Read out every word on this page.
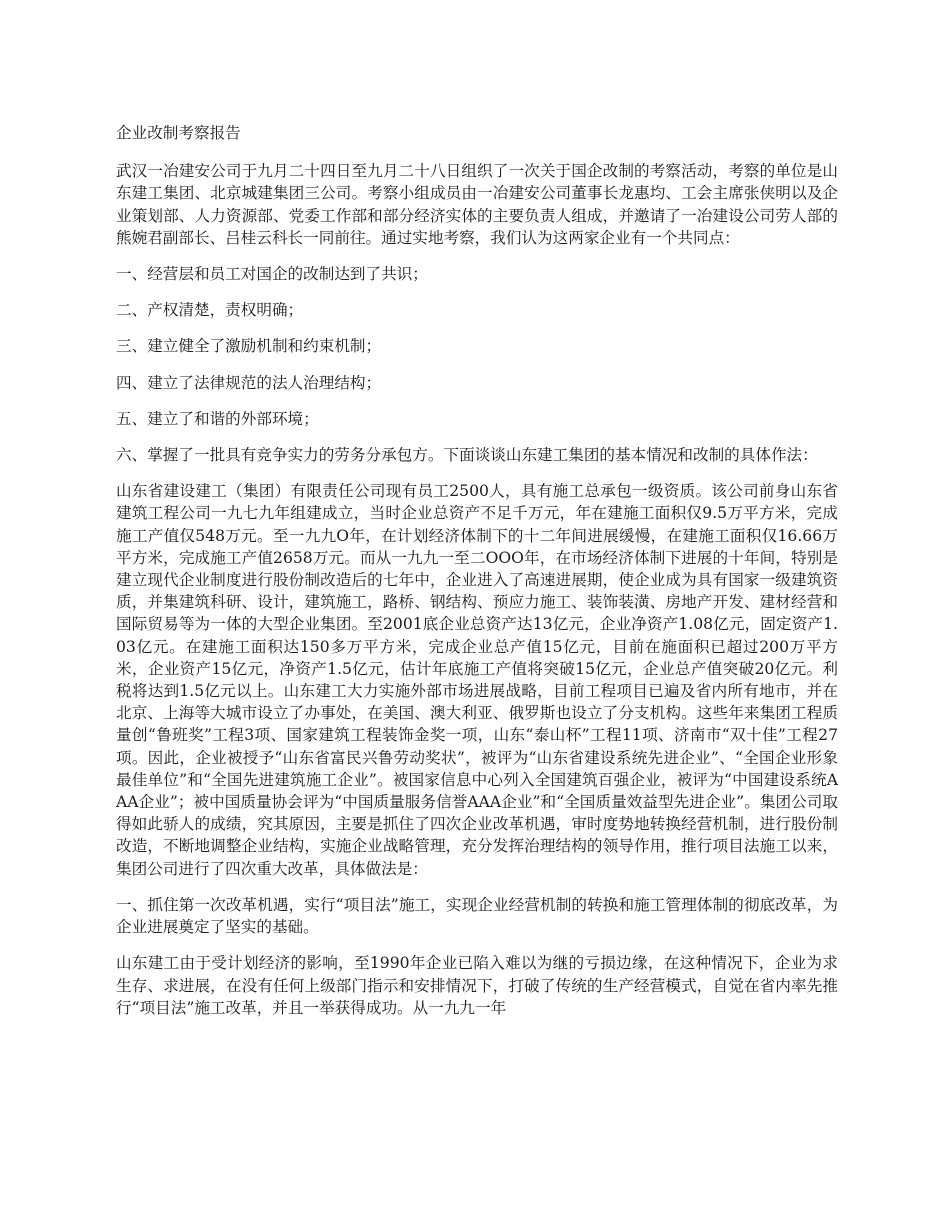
企业改制考察报告

武汉一冶建安公司于九月二十四日至九月二十八日组织了一次关于国企改制的考察活动，考察的单位是山东建工集团、北京城建集团三公司。考察小组成员由一冶建安公司董事长龙惠均、工会主席张侠明以及企业策划部、人力资源部、党委工作部和部分经济实体的主要负责人组成，并邀请了一冶建设公司劳人部的熊婉君副部长、吕桂云科长一同前往。通过实地考察，我们认为这两家企业有一个共同点：

一、经营层和员工对国企的改制达到了共识；

二、产权清楚，责权明确；

三、建立健全了激励机制和约束机制；

四、建立了法律规范的法人治理结构；

五、建立了和谐的外部环境；

六、掌握了一批具有竞争实力的劳务分承包方。下面谈谈山东建工集团的基本情况和改制的具体作法：

山东省建设建工（集团）有限责任公司现有员工2500人，具有施工总承包一级资质。该公司前身山东省建筑工程公司一九七九年组建成立，当时企业总资产不足千万元，年在建施工面积仅9.5万平方米，完成施工产值仅548万元。至一九九O年，在计划经济体制下的十二年间进展缓慢，在建施工面积仅16.66万平方米，完成施工产值2658万元。而从一九九一至二OOO年，在市场经济体制下进展的十年间，特别是建立现代企业制度进行股份制改造后的七年中，企业进入了高速进展期，使企业成为具有国家一级建筑资质，并集建筑科研、设计，建筑施工，路桥、钢结构、预应力施工、装饰装潢、房地产开发、建材经营和国际贸易等为一体的大型企业集团。至2001底企业总资产达13亿元，企业净资产1.08亿元，固定资产1.03亿元。在建施工面积达150多万平方米，完成企业总产值15亿元，目前在施面积已超过200万平方米，企业资产15亿元，净资产1.5亿元，估计年底施工产值将突破15亿元，企业总产值突破20亿元。利税将达到1.5亿元以上。山东建工大力实施外部市场进展战略，目前工程项目已遍及省内所有地市，并在北京、上海等大城市设立了办事处，在美国、澳大利亚、俄罗斯也设立了分支机构。这些年来集团工程质量创“鲁班奖”工程3项、国家建筑工程装饰金奖一项，山东“泰山杯”工程11项、济南市“双十佳”工程27项。因此，企业被授予“山东省富民兴鲁劳动奖状”，被评为“山东省建设系统先进企业”、“全国企业形象最佳单位”和“全国先进建筑施工企业”。被国家信息中心列入全国建筑百强企业，被评为“中国建设系统AAA企业”；被中国质量协会评为“中国质量服务信誉AAA企业”和“全国质量效益型先进企业”。集团公司取得如此骄人的成绩，究其原因，主要是抓住了四次企业改革机遇，审时度势地转换经营机制，进行股份制改造，不断地调整企业结构，实施企业战略管理，充分发挥治理结构的领导作用，推行项目法施工以来，集团公司进行了四次重大改革，具体做法是：

一、抓住第一次改革机遇，实行“项目法”施工，实现企业经营机制的转换和施工管理体制的彻底改革，为企业进展奠定了坚实的基础。

山东建工由于受计划经济的影响，至1990年企业已陷入难以为继的亏损边缘，在这种情况下，企业为求生存、求进展，在没有任何上级部门指示和安排情况下，打破了传统的生产经营模式，自觉在省内率先推行“项目法”施工改革，并且一举获得成功。从一九九一年
